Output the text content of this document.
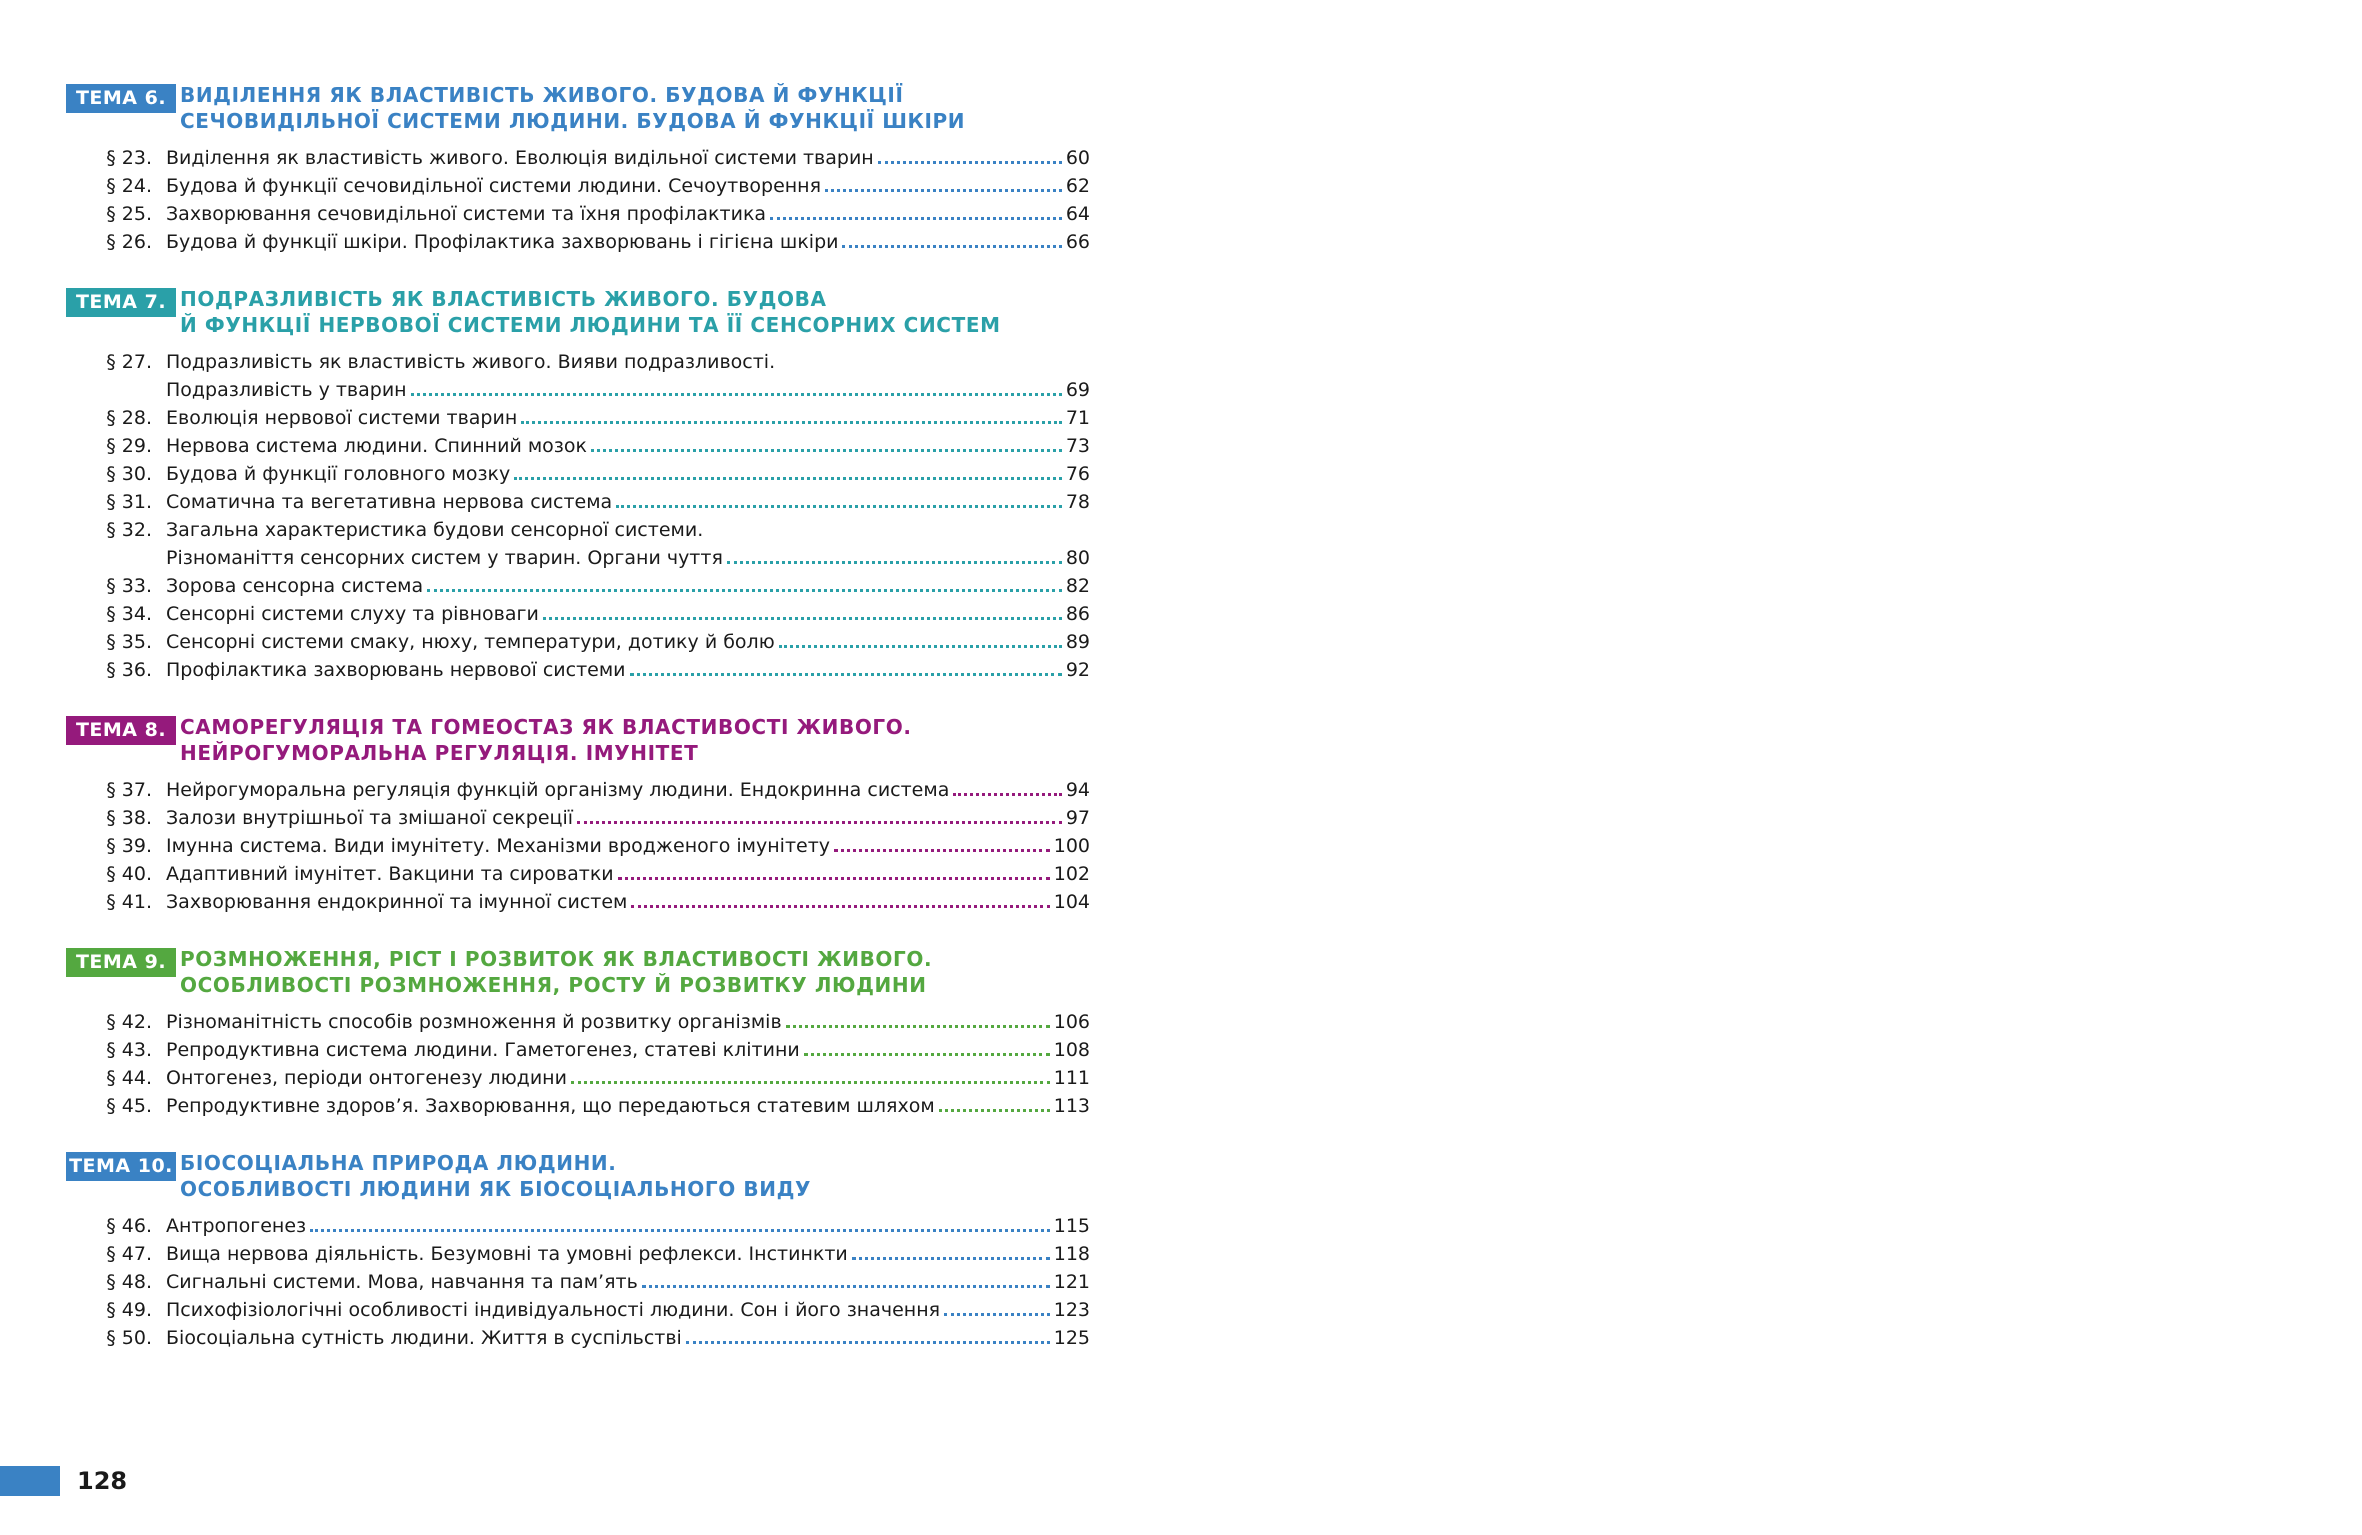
ТЕМА 6. ВИДІЛЕННЯ ЯК ВЛАСТИВІСТЬ ЖИВОГО. БУДОВА Й ФУНКЦІЇ
СЕЧОВИДІЛЬНОЇ СИСТЕМИ ЛЮДИНИ. БУДОВА Й ФУНКЦІЇ ШКІРИ
§ 23. Виділення як властивість живого. Еволюція видільної системи тварин	60
§ 24. Будова й функції сечовидільної системи людини. Сечоутворення	62
§ 25. Захворювання сечовидільної системи та їхня профілактика	64
§ 26. Будова й функції шкіри. Профілактика захворювань і гігієна шкіри	66
ТЕМА 7. ПОДРАЗЛИВІСТЬ ЯК ВЛАСТИВІСТЬ ЖИВОГО. БУДОВА
Й ФУНКЦІЇ НЕРВОВОЇ СИСТЕМИ ЛЮДИНИ ТА ЇЇ СЕНСОРНИХ СИСТЕМ
§ 27. Подразливість як властивість живого. Вияви подразливості.
Подразливість у тварин	69
§ 28. Еволюція нервової системи тварин	71
§ 29. Нервова система людини. Спинний мозок	73
§ 30. Будова й функції головного мозку	76
§ 31. Соматична та вегетативна нервова система	78
§ 32. Загальна характеристика будови сенсорної системи.
Різноманіття сенсорних систем у тварин. Органи чуття	80
§ 33. Зорова сенсорна система	82
§ 34. Сенсорні системи слуху та рівноваги	86
§ 35. Сенсорні системи смаку, нюху, температури, дотику й болю	89
§ 36. Профілактика захворювань нервової системи	92
ТЕМА 8. САМОРЕГУЛЯЦІЯ ТА ГОМЕОСТАЗ ЯК ВЛАСТИВОСТІ ЖИВОГО.
НЕЙРОГУМОРАЛЬНА РЕГУЛЯЦІЯ. ІМУНІТЕТ
§ 37. Нейрогуморальна регуляція функцій організму людини. Ендокринна система	94
§ 38. Залози внутрішньої та змішаної секреції	97
§ 39. Імунна система. Види імунітету. Механізми вродженого імунітету	100
§ 40. Адаптивний імунітет. Вакцини та сироватки	102
§ 41. Захворювання ендокринної та імунної систем	104
ТЕМА 9. РОЗМНОЖЕННЯ, РІСТ І РОЗВИТОК ЯК ВЛАСТИВОСТІ ЖИВОГО.
ОСОБЛИВОСТІ РОЗМНОЖЕННЯ, РОСТУ Й РОЗВИТКУ ЛЮДИНИ
§ 42. Різноманітність способів розмноження й розвитку організмів	106
§ 43. Репродуктивна система людини. Гаметогенез, статеві клітини	108
§ 44. Онтогенез, періоди онтогенезу людини	111
§ 45. Репродуктивне здоров’я. Захворювання, що передаються статевим шляхом	113
ТЕМА 10. БІОСОЦІАЛЬНА ПРИРОДА ЛЮДИНИ.
ОСОБЛИВОСТІ ЛЮДИНИ ЯК БІОСОЦІАЛЬНОГО ВИДУ
§ 46. Антропогенез	115
§ 47. Вища нервова діяльність. Безумовні та умовні рефлекси. Інстинкти	118
§ 48. Сигнальні системи. Мова, навчання та пам’ять	121
§ 49. Психофізіологічні особливості індивідуальності людини. Сон і його значення	123
§ 50. Біосоціальна сутність людини. Життя в суспільстві	125
128
